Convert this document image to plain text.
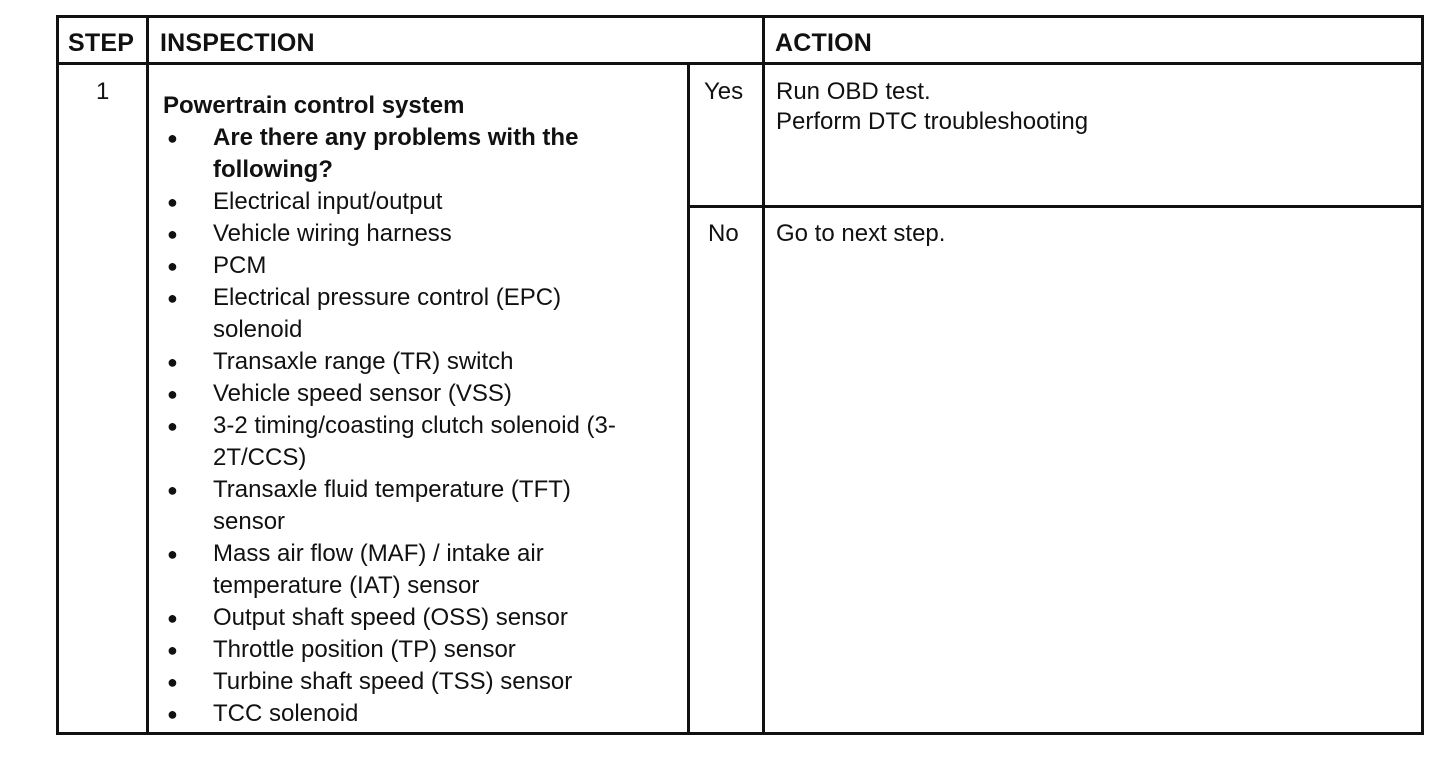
STEP INSPECTION	ACTION
1
Powertrain control system
● Are there any problems with the following?
● Electrical input/output
● Vehicle wiring harness
● PCM
● Electrical pressure control (EPC) solenoid
● Transaxle range (TR) switch
● Vehicle speed sensor (VSS)
● 3-2 timing/coasting clutch solenoid (3-2T/CCS)
● Transaxle fluid temperature (TFT) sensor
● Mass air flow (MAF) / intake air temperature (IAT) sensor
● Output shaft speed (OSS) sensor
● Throttle position (TP) sensor
● Turbine shaft speed (TSS) sensor
● TCC solenoid
Yes
No
Run OBD test.
Perform DTC troubleshooting
Go to next step.
